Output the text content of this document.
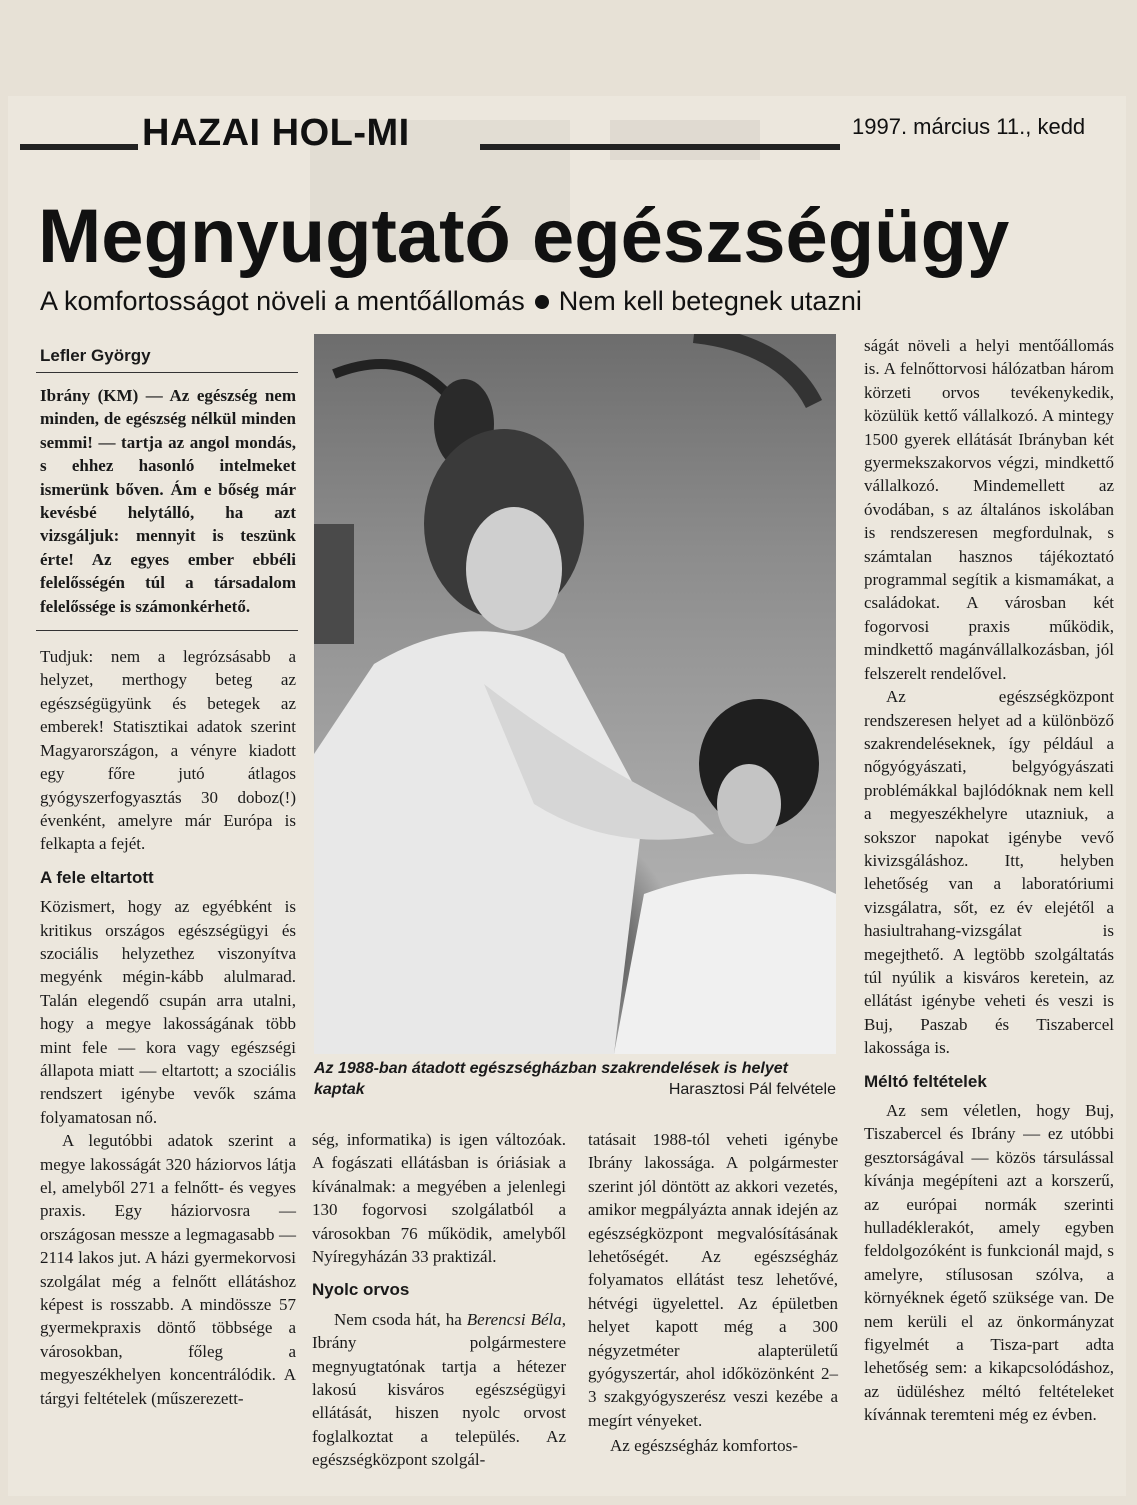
HAZAI HOL-MI	1997. március 11., kedd
Megnyugtató egészségügy
A komfortosságot növeli a mentőállomás Nem kell betegnek utazni
Lefler György

Ibrány (KM) — Az egészség nem minden, de egészség nélkül minden semmi! — tartja az angol mondás, s ehhez hasonló intelmeket ismerünk bőven. Ám e bőség már kevésbé helytálló, ha azt vizsgáljuk: mennyit is teszünk érte! Az egyes ember ebbéli felelősségén túl a társadalom felelőssége is számonkérhető.

Tudjuk: nem a legrózsásabb a helyzet, merthogy beteg az egészségügyünk és betegek az emberek! Statisztikai adatok szerint Magyarországon, a vényre kiadott egy főre jutó átlagos gyógyszerfogyasztás 30 doboz(!) évenként, amelyre már Európa is felkapta a fejét.

A fele eltartott

Közismert, hogy az egyébként is kritikus országos egészségügyi és szociális helyzethez viszonyítva megyénk mégin-kább alulmarad. Talán elegendő csupán arra utalni, hogy a megye lakosságának több mint fele — kora vagy egészségi állapota miatt — eltartott; a szociális rendszert igénybe vevők száma folyamatosan nő.

A legutóbbi adatok szerint a megye lakosságát 320 háziorvos látja el, amelyből 271 a felnőtt- és vegyes praxis. Egy háziorvosra — országosan messze a legmagasabb — 2114 lakos jut. A házi gyermekorvosi szolgálat még a felnőtt ellátáshoz képest is rosszabb. A mindössze 57 gyermekpraxis döntő többsége a városokban, főleg a megyeszékhelyen koncentrálódik. A tárgyi feltételek (műszerezett-

Az 1988-ban átadott egészségházban szakrendelések is helyet kaptak	Harasztosi Pál felvétele

ség, informatika) is igen változóak. A fogászati ellátásban is óriásiak a kívánalmak: a megyében a jelenlegi 130 fogorvosi szolgálatból a városokban 76 működik, amelyből Nyíregyházán 33 praktizál.

Nyolc orvos

Nem csoda hát, ha Berencsi Béla, Ibrány polgármestere megnyugtatónak tartja a hétezer lakosú kisváros egészségügyi ellátását, hiszen nyolc orvost foglalkoztat a település. Az egészségközpont szolgál-

tatásait 1988-tól veheti igénybe Ibrány lakossága. A polgármester szerint jól döntött az akkori vezetés, amikor megpályázta annak idején az egészségközpont megvalósításának lehetőségét. Az egészségház folyamatos ellátást tesz lehetővé, hétvégi ügyelettel. Az épületben helyet kapott még a 300 négyzetméter alapterületű gyógyszertár, ahol időközönként 2–3 szakgyógyszerész veszi kezébe a megírt vényeket.

Az egészségház komfortos-

ságát növeli a helyi mentőállomás is. A felnőttorvosi hálózatban három körzeti orvos tevékenykedik, közülük kettő vállalkozó. A mintegy 1500 gyerek ellátását Ibrányban két gyermekszakorvos végzi, mindkettő vállalkozó. Mindemellett az óvodában, s az általános iskolában is rendszeresen megfordulnak, s számtalan hasznos tájékoztató programmal segítik a kismamákat, a családokat. A városban két fogorvosi praxis működik, mindkettő magánvállalkozásban, jól felszerelt rendelővel.

Az egészségközpont rendszeresen helyet ad a különböző szakrendeléseknek, így például a nőgyógyászati, belgyógyászati problémákkal bajlódóknak nem kell a megyeszékhelyre utazniuk, a sokszor napokat igénybe vevő kivizsgáláshoz. Itt, helyben lehetőség van a laboratóriumi vizsgálatra, sőt, ez év elejétől a hasiultrahang-vizsgálat is megejthető. A legtöbb szolgáltatás túl nyúlik a kisváros keretein, az ellátást igénybe veheti és veszi is Buj, Paszab és Tiszabercel lakossága is.

Méltó feltételek

Az sem véletlen, hogy Buj, Tiszabercel és Ibrány — ez utóbbi gesztorságával — közös társulással kívánja megépíteni azt a korszerű, az európai normák szerinti hulladéklerakót, amely egyben feldolgozóként is funkcionál majd, s amelyre, stílusosan szólva, a környéknek égető szüksége van. De nem kerüli el az önkormányzat figyelmét a Tisza-part adta lehetőség sem: a kikapcsolódáshoz, az üdüléshez méltó feltételeket kívánnak teremteni még ez évben.
